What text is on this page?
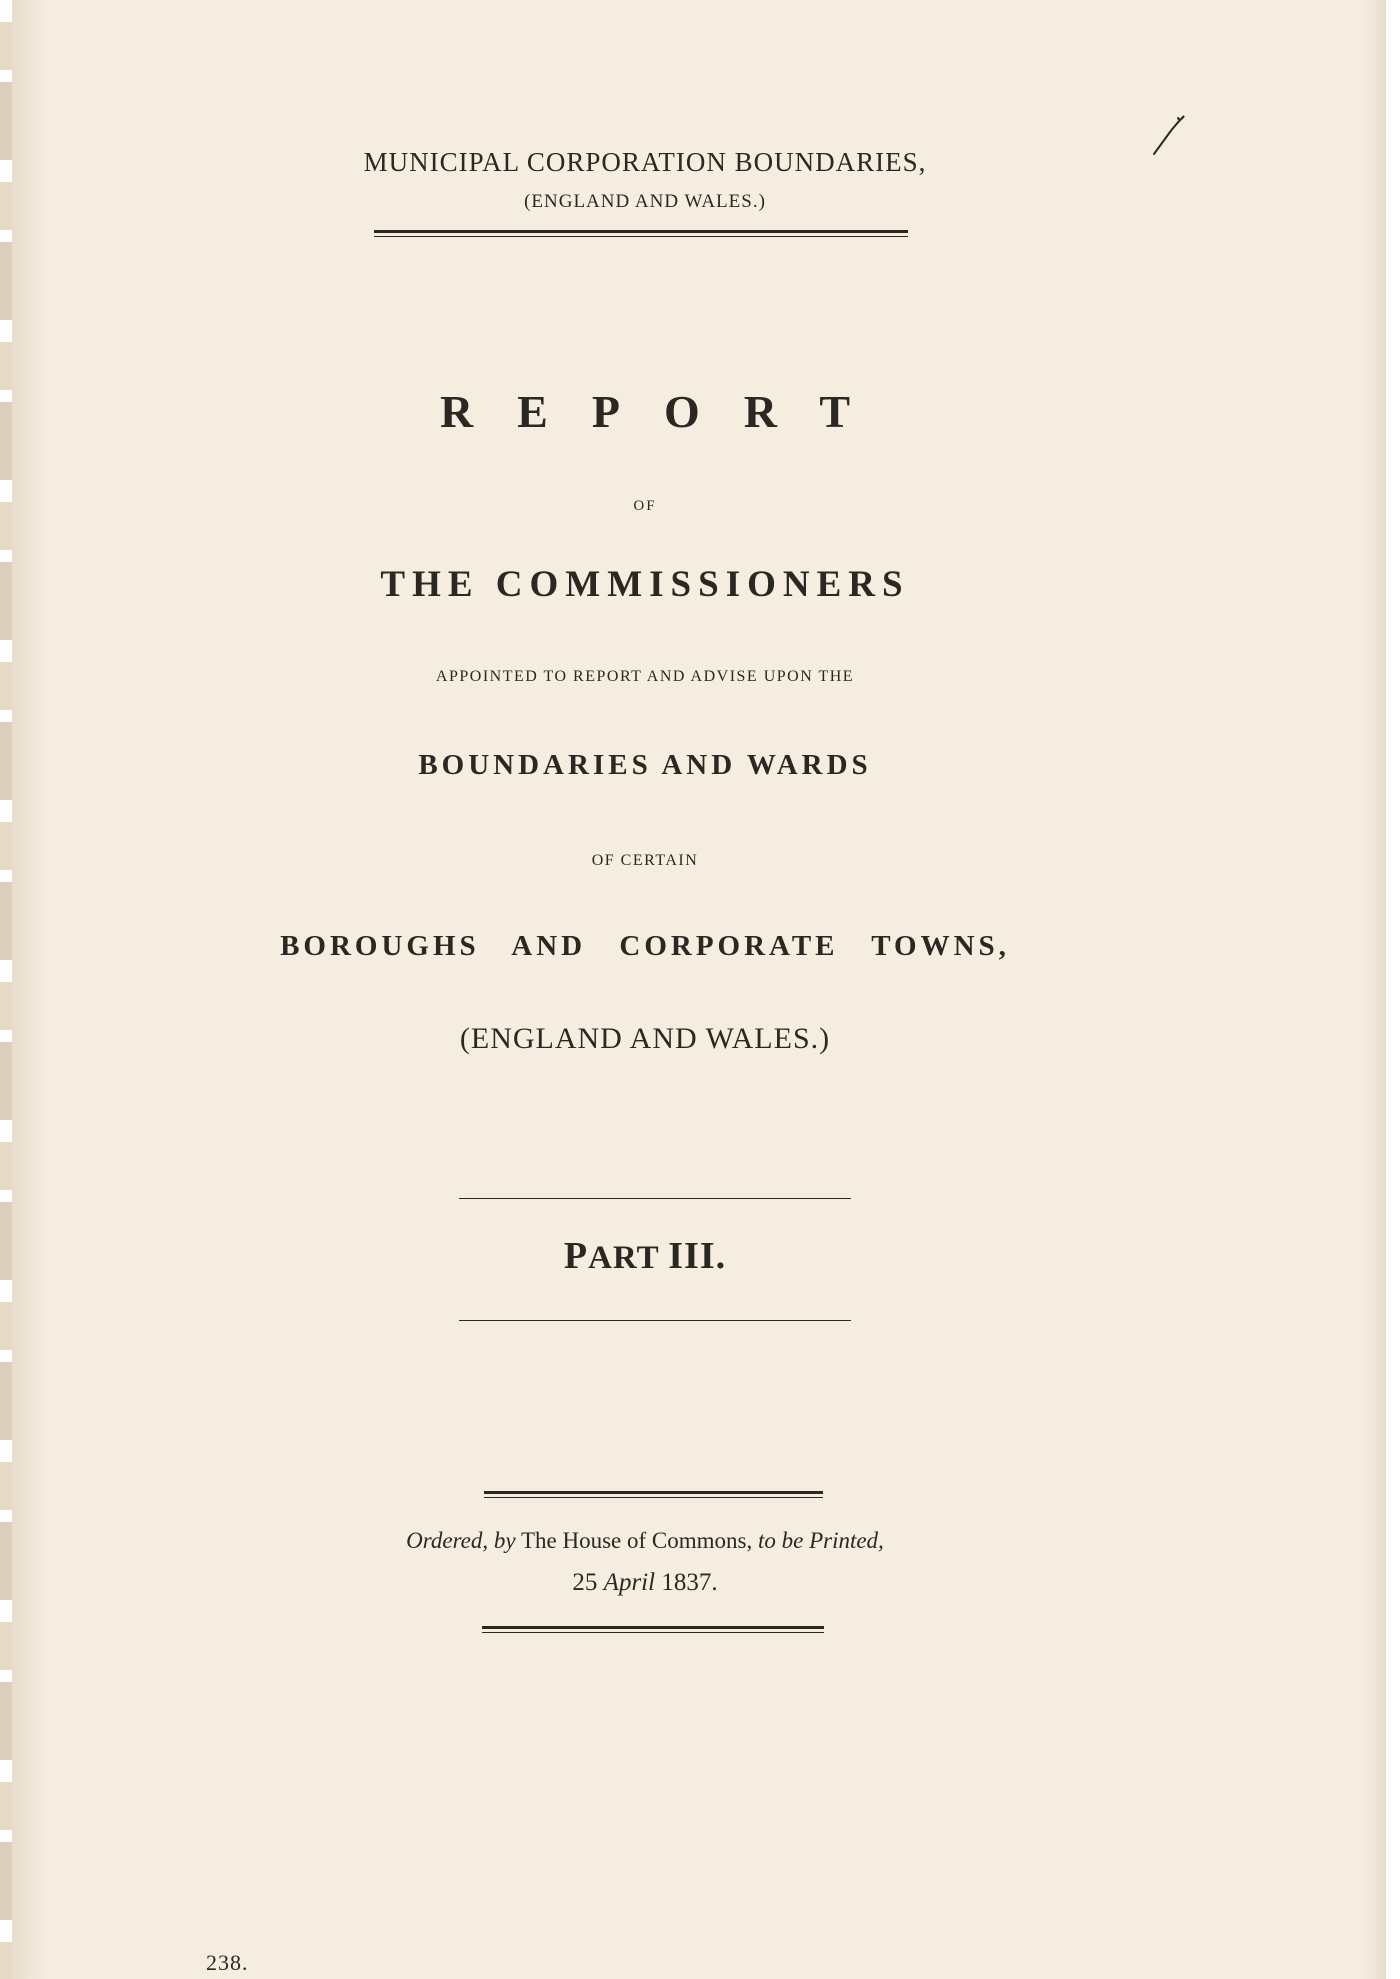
MUNICIPAL CORPORATION BOUNDARIES,
(ENGLAND AND WALES.)
REPORT
OF
THE COMMISSIONERS
APPOINTED TO REPORT AND ADVISE UPON THE
BOUNDARIES AND WARDS
OF CERTAIN
BOROUGHS AND CORPORATE TOWNS,
(ENGLAND AND WALES.)
PART III.
Ordered, by The House of Commons, to be Printed,
25 April 1837.
238.
